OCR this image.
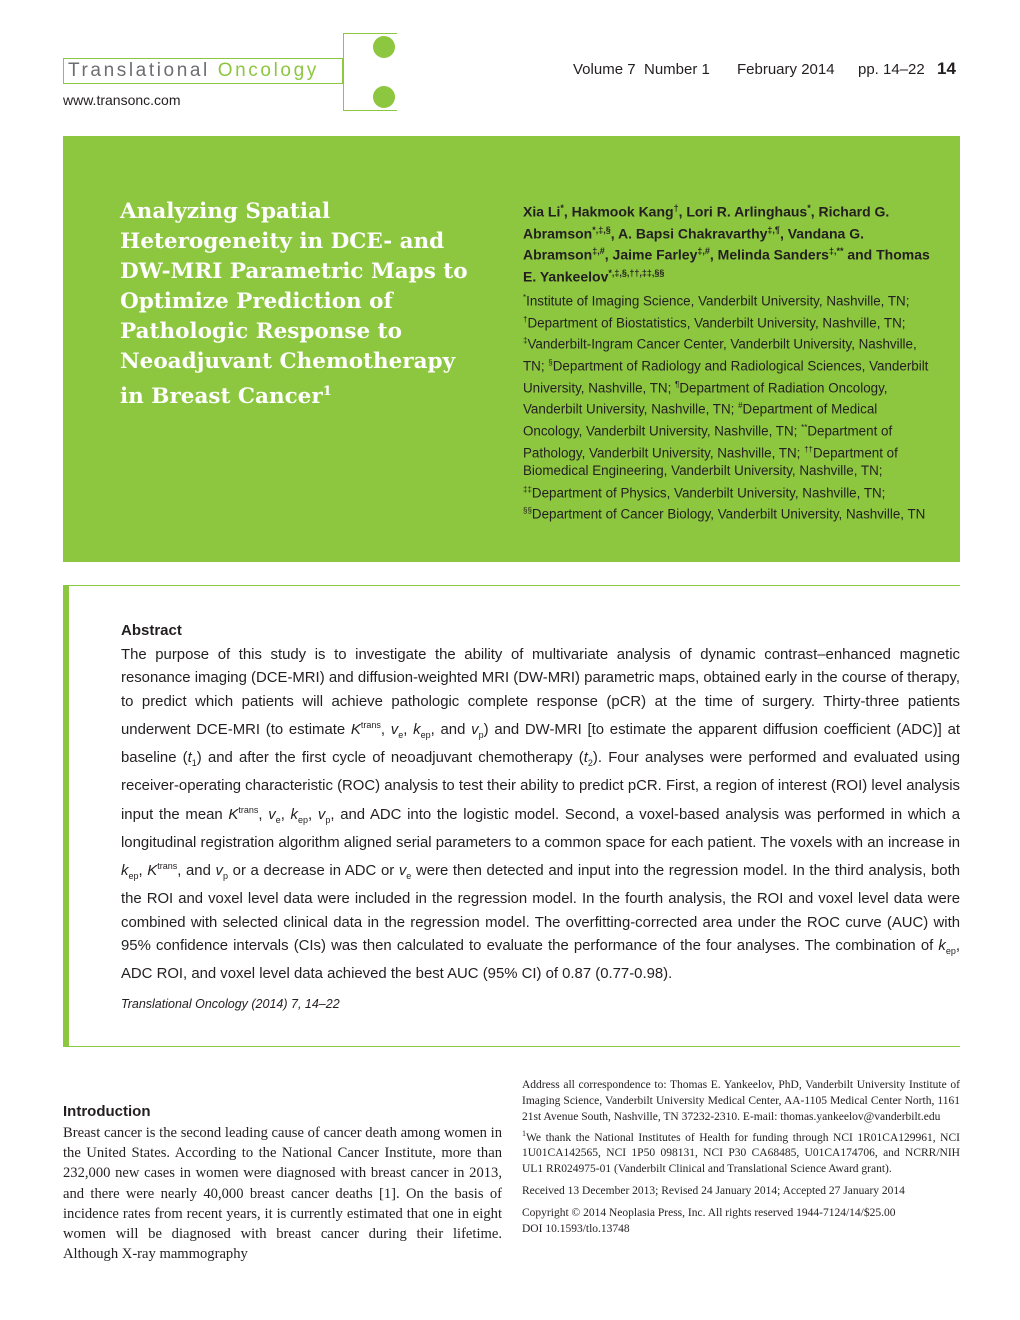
Translational Oncology
www.transonc.com
Volume 7 Number 1 February 2014 pp. 14–22 14
Analyzing Spatial Heterogeneity in DCE- and DW-MRI Parametric Maps to Optimize Prediction of Pathologic Response to Neoadjuvant Chemotherapy in Breast Cancer$^1$
Xia Li*, Hakmook Kang†, Lori R. Arlinghaus*, Richard G. Abramson*,‡,§, A. Bapsi Chakravarthy‡,¶, Vandana G. Abramson‡,#, Jaime Farley‡,#, Melinda Sanders‡,** and Thomas E. Yankeelov*,‡,§,††,‡‡,§§
*Institute of Imaging Science, Vanderbilt University, Nashville, TN; †Department of Biostatistics, Vanderbilt University, Nashville, TN; ‡Vanderbilt-Ingram Cancer Center, Vanderbilt University, Nashville, TN; §Department of Radiology and Radiological Sciences, Vanderbilt University, Nashville, TN; ¶Department of Radiation Oncology, Vanderbilt University, Nashville, TN; #Department of Medical Oncology, Vanderbilt University, Nashville, TN; **Department of Pathology, Vanderbilt University, Nashville, TN; ††Department of Biomedical Engineering, Vanderbilt University, Nashville, TN; ‡‡Department of Physics, Vanderbilt University, Nashville, TN; §§Department of Cancer Biology, Vanderbilt University, Nashville, TN
Abstract
The purpose of this study is to investigate the ability of multivariate analysis of dynamic contrast–enhanced magnetic resonance imaging (DCE-MRI) and diffusion-weighted MRI (DW-MRI) parametric maps, obtained early in the course of therapy, to predict which patients will achieve pathologic complete response (pCR) at the time of surgery. Thirty-three patients underwent DCE-MRI (to estimate $K^{trans}$, $v_e$, $k_{ep}$, and $v_p$) and DW-MRI [to estimate the apparent diffusion coefficient (ADC)] at baseline $(t_1)$ and after the first cycle of neoadjuvant chemotherapy $(t_2)$. Four analyses were performed and evaluated using receiver-operating characteristic (ROC) analysis to test their ability to predict pCR. First, a region of interest (ROI) level analysis input the mean $K^{trans}$, $v_e$, $k_{ep}$, $v_p$, and ADC into the logistic model. Second, a voxel-based analysis was performed in which a longitudinal registration algorithm aligned serial parameters to a common space for each patient. The voxels with an increase in $k_{ep}$, $K^{trans}$, and $v_p$ or a decrease in ADC or $v_e$ were then detected and input into the regression model. In the third analysis, both the ROI and voxel level data were included in the regression model. In the fourth analysis, the ROI and voxel level data were combined with selected clinical data in the regression model. The overfitting-corrected area under the ROC curve (AUC) with 95% confidence intervals (CIs) was then calculated to evaluate the performance of the four analyses. The combination of $k_{ep}$, ADC ROI, and voxel level data achieved the best AUC (95% CI) of 0.87 (0.77-0.98).
Translational Oncology (2014) 7, 14–22
Introduction
Breast cancer is the second leading cause of cancer death among women in the United States. According to the National Cancer Institute, more than 232,000 new cases in women were diagnosed with breast cancer in 2013, and there were nearly 40,000 breast cancer deaths [1]. On the basis of incidence rates from recent years, it is currently estimated that one in eight women will be diagnosed with breast cancer during their lifetime. Although X-ray mammography

Address all correspondence to: Thomas E. Yankeelov, PhD, Vanderbilt University Institute of Imaging Science, Vanderbilt University Medical Center, AA-1105 Medical Center North, 1161 21st Avenue South, Nashville, TN 37232-2310. E-mail: thomas.yankeelov@vanderbilt.edu

$^1$We thank the National Institutes of Health for funding through NCI 1R01CA129961, NCI 1U01CA142565, NCI 1P50 098131, NCI P30 CA68485, U01CA174706, and NCRR/NIH UL1 RR024975-01 (Vanderbilt Clinical and Translational Science Award grant).

Received 13 December 2013; Revised 24 January 2014; Accepted 27 January 2014

Copyright © 2014 Neoplasia Press, Inc. All rights reserved 1944-7124/14/$25.00

DOI 10.1593/tlo.13748
